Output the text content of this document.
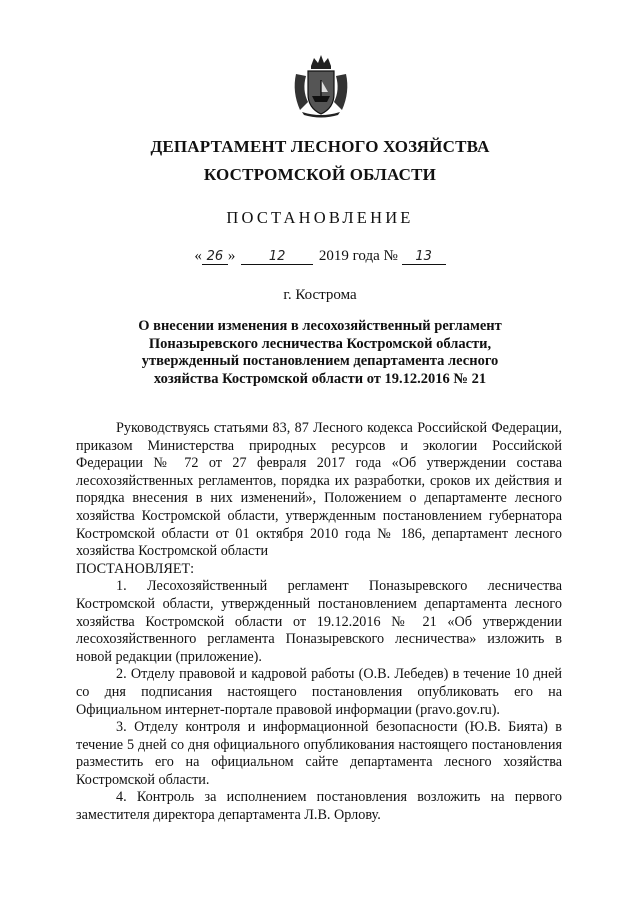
ДЕПАРТАМЕНТ ЛЕСНОГО ХОЗЯЙСТВА
КОСТРОМСКОЙ ОБЛАСТИ
ПОСТАНОВЛЕНИЕ
« 26 »	12 2019 года № 13
г. Кострома
О внесении изменения в лесохозяйственный регламент Поназыревского лесничества Костромской области, утвержденный постановлением департамента лесного хозяйства Костромской области от 19.12.2016 № 21

Руководствуясь статьями 83, 87 Лесного кодекса Российской Федерации, приказом Министерства природных ресурсов и экологии Российской Федерации № 72 от 27 февраля 2017 года «Об утверждении состава лесохозяйственных регламентов, порядка их разработки, сроков их действия и порядка внесения в них изменений», Положением о департаменте лесного хозяйства Костромской области, утвержденным постановлением губернатора Костромской области от 01 октября 2010 года № 186, департамент лесного хозяйства Костромской области

ПОСТАНОВЛЯЕТ:

1. Лесохозяйственный регламент Поназыревского лесничества Костромской области, утвержденный постановлением департамента лесного хозяйства Костромской области от 19.12.2016 № 21 «Об утверждении лесохозяйственного регламента Поназыревского лесничества» изложить в новой редакции (приложение).

2. Отделу правовой и кадровой работы (О.В. Лебедев) в течение 10 дней со дня подписания настоящего постановления опубликовать его на Официальном интернет-портале правовой информации (pravo.gov.ru).

3. Отделу контроля и информационной безопасности (Ю.В. Бията) в течение 5 дней со дня официального опубликования настоящего постановления разместить его на официальном сайте департамента лесного хозяйства Костромской области.

4. Контроль за исполнением постановления возложить на первого заместителя директора департамента Л.В. Орлову.
